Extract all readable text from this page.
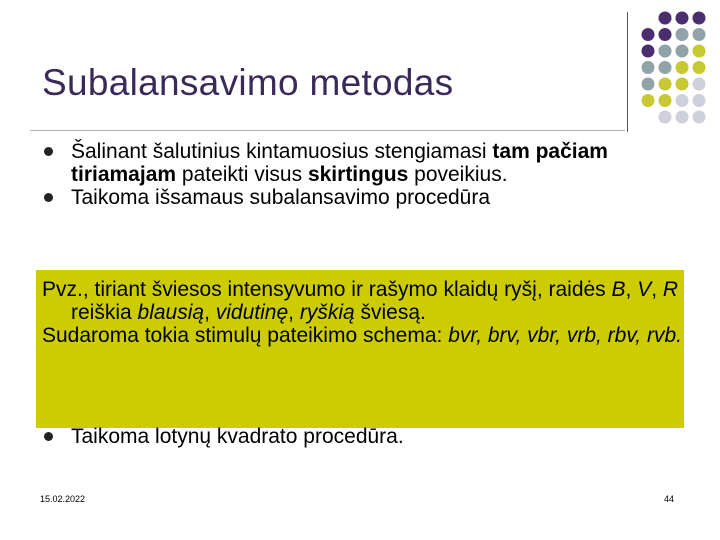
Subalansavimo metodas
Šalinant šalutinius kintamuosius stengiamasi tam pačiam tiriamajam pateikti visus skirtingus poveikius.
Taikoma išsamaus subalansavimo procedūra
Pvz., tiriant šviesos intensyvumo ir rašymo klaidų ryšį, raidės B, V, R reiškia blausią, vidutinę, ryškią šviesą.
Sudaroma tokia stimulų pateikimo schema: bvr, brv, vbr, vrb, rbv, rvb.
Taikoma lotynų kvadrato procedūra.
15.02.2022	44
